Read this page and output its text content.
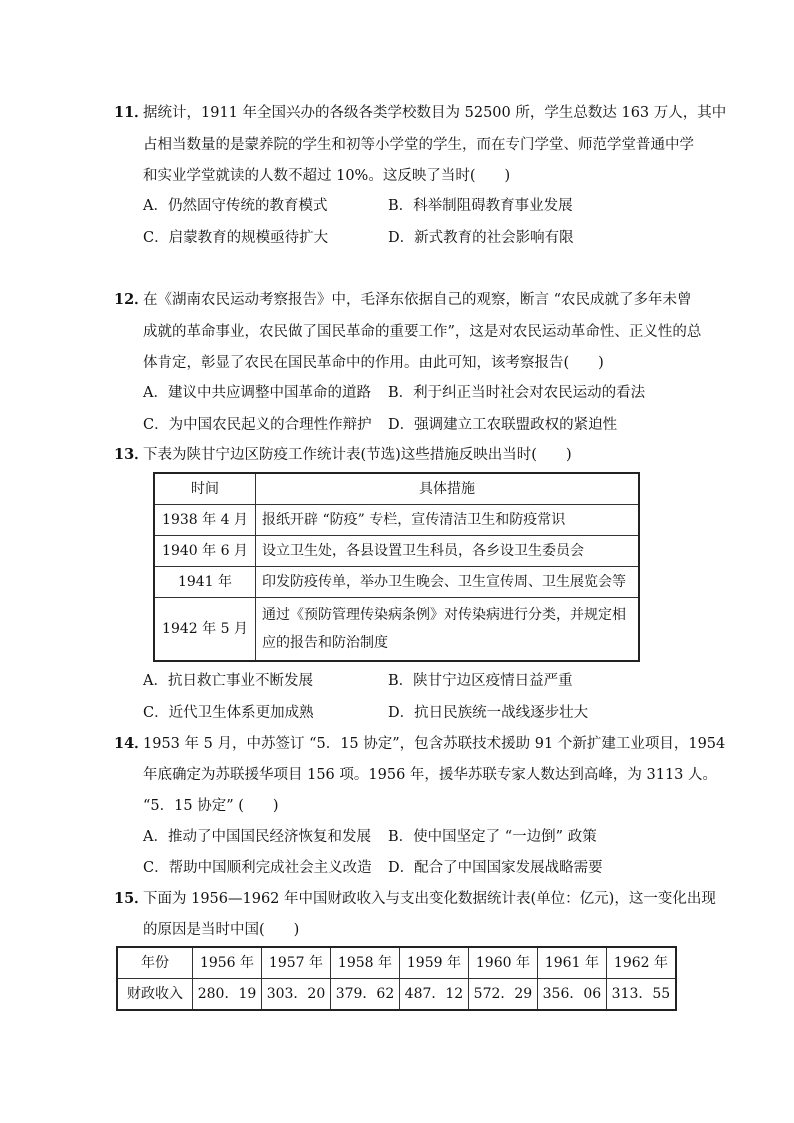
11．
据统计，1911 年全国兴办的各级各类学校数目为 52500 所，学生总数达 163 万人，其中
占相当数量的是蒙养院的学生和初等小学堂的学生，而在专门学堂、师范学堂普通中学
和实业学堂就读的人数不超过 10%。这反映了当时(　　)
A．仍然固守传统的教育模式	B．科举制阻碍教育事业发展
C．启蒙教育的规模亟待扩大	D．新式教育的社会影响有限
12．
在《湖南农民运动考察报告》中，毛泽东依据自己的观察，断言 “农民成就了多年未曾
成就的革命事业，农民做了国民革命的重要工作”，这是对农民运动革命性、正义性的总
体肯定，彰显了农民在国民革命中的作用。由此可知，该考察报告(　　)
A．建议中共应调整中国革命的道路 B．利于纠正当时社会对农民运动的看法
C．为中国农民起义的合理性作辩护 D．强调建立工农联盟政权的紧迫性
13．
下表为陕甘宁边区防疫工作统计表(节选)这些措施反映出当时(　　)
时间	具体措施
1938 年 4 月	报纸开辟 “防疫” 专栏，宣传清洁卫生和防疫常识
1940 年 6 月	设立卫生处，各县设置卫生科员，各乡设卫生委员会
1941 年	印发防疫传单，举办卫生晚会、卫生宣传周、卫生展览会等
1942 年 5 月	通过《预防管理传染病条例》对传染病进行分类，并规定相
应的报告和防治制度
A．抗日救亡事业不断发展	B．陕甘宁边区疫情日益严重
C．近代卫生体系更加成熟	D．抗日民族统一战线逐步壮大
14．
1953 年 5 月，中苏签订 “5．15 协定”，包含苏联技术援助 91 个新扩建工业项目，1954
年底确定为苏联援华项目 156 项。1956 年，援华苏联专家人数达到高峰，为 3113 人。
“5．15 协定” (　　)
A．推动了中国国民经济恢复和发展 B．使中国坚定了 “一边倒” 政策
C．帮助中国顺利完成社会主义改造 D．配合了中国国家发展战略需要
15．
下面为 1956—1962 年中国财政收入与支出变化数据统计表(单位：亿元)，这一变化出现
的原因是当时中国(　　)
年份	1956 年	1957 年	1958 年	1959 年	1960 年	1961 年	1962 年
财政收入	280．19	303．20	379．62	487．12	572．29	356．06	313．55
